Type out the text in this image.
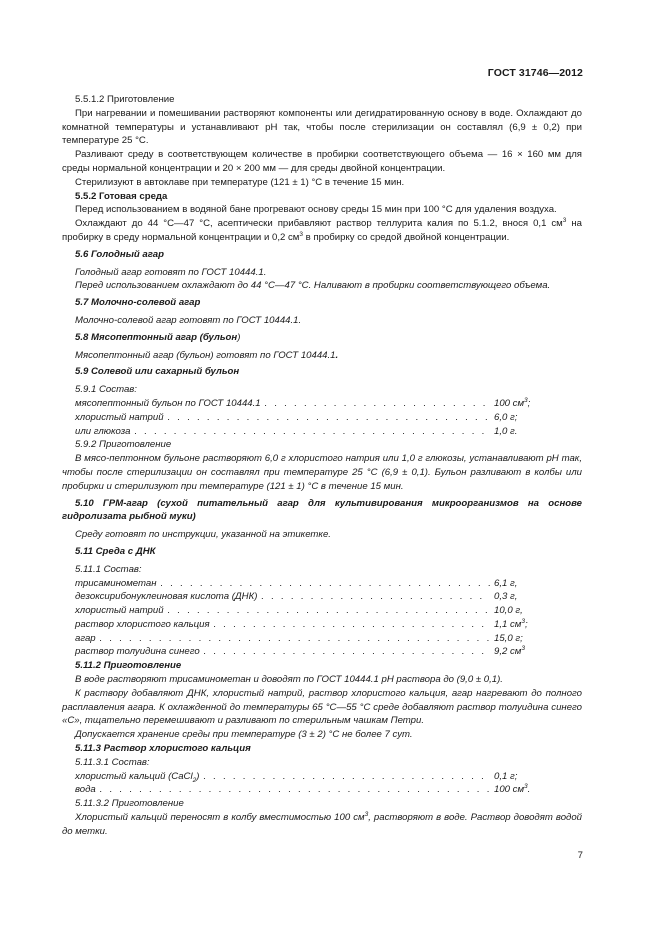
ГОСТ 31746—2012

5.5.1.2 Приготовление

При нагревании и помешивании растворяют компоненты или дегидратированную основу в воде. Охлаждают до комнатной температуры и устанавливают рН так, чтобы после стерилизации он составлял (6,9 ± 0,2) при температуре 25 °С.

Разливают среду в соответствующем количестве в пробирки соответствующего объема — 16 × 160 мм для среды нормальной концентрации и 20 × 200 мм — для среды двойной концентрации.

Стерилизуют в автоклаве при температуре (121 ± 1) °С в течение 15 мин.

5.5.2 Готовая среда

Перед использованием в водяной бане прогревают основу среды 15 мин при 100 °С для удаления воздуха.

Охлаждают до 44 °С—47 °С, асептически прибавляют раствор теллурита калия по 5.1.2, внося 0,1 $см^3$ на пробирку в среду нормальной концентрации и 0,2 $см^3$ в пробирку со средой двойной концентрации.

5.6 Голодный агар

Голодный агар готовят по ГОСТ 10444.1.

Перед использованием охлаждают до 44 °С—47 °С. Наливают в пробирки соответствующего объема.

5.7 Молочно-солевой агар

Молочно-солевой агар готовят по ГОСТ 10444.1.

5.8 Мясопептонный агар (бульон)

Мясопептонный агар (бульон) готовят по ГОСТ 10444.1.

5.9 Солевой или сахарный бульон

5.9.1 Состав:

мясопептонный бульон по ГОСТ 10444.1 . . .	100 $см^3$;
хлористый натрий . . .	6,0 г;
или глюкоза . . .	1,0 г.

5.9.2 Приготовление

В мясо-пептонном бульоне растворяют 6,0 г хлористого натрия или 1,0 г глюкозы, устанавливают рН так, чтобы после стерилизации он составлял при температуре 25 °С (6,9 ± 0,1). Бульон разливают в колбы или пробирки и стерилизуют при температуре (121 ± 1) °С в течение 15 мин.

5.10 ГРМ-агар (сухой питательный агар для культивирования микроорганизмов на основе гидролизата рыбной муки)

Среду готовят по инструкции, указанной на этикетке.

5.11 Среда с ДНК

5.11.1 Состав:

трисаминометан . . .	6,1 г,
дезоксирибонуклеиновая кислота (ДНК) . . .	0,3 г,
хлористый натрий . . .	10,0 г,
раствор хлористого кальция . . .	1,1 $см^3$;
агар . . .	15,0 г;
раствор толуидина синего . . .	9,2 $см^3$

5.11.2 Приготовление

В воде растворяют трисаминометан и доводят по ГОСТ 10444.1 рН раствора до (9,0 ± 0,1).

К раствору добавляют ДНК, хлористый натрий, раствор хлористого кальция, агар нагревают до полного расплавления агара. К охлажденной до температуры 65 °С—55 °С среде добавляют раствор толуидина синего «С», тщательно перемешивают и разливают по стерильным чашкам Петри.

Допускается хранение среды при температуре (3 ± 2) °С не более 7 сут.

5.11.3 Раствор хлористого кальция

5.11.3.1 Состав:

хлористый кальций (CaCl$_2$) . . .	0,1 г;
вода . . .	100 $см^3$.

5.11.3.2 Приготовление

Хлористый кальций переносят в колбу вместимостью 100 $см^3$, растворяют в воде. Раствор доводят водой до метки.

7
